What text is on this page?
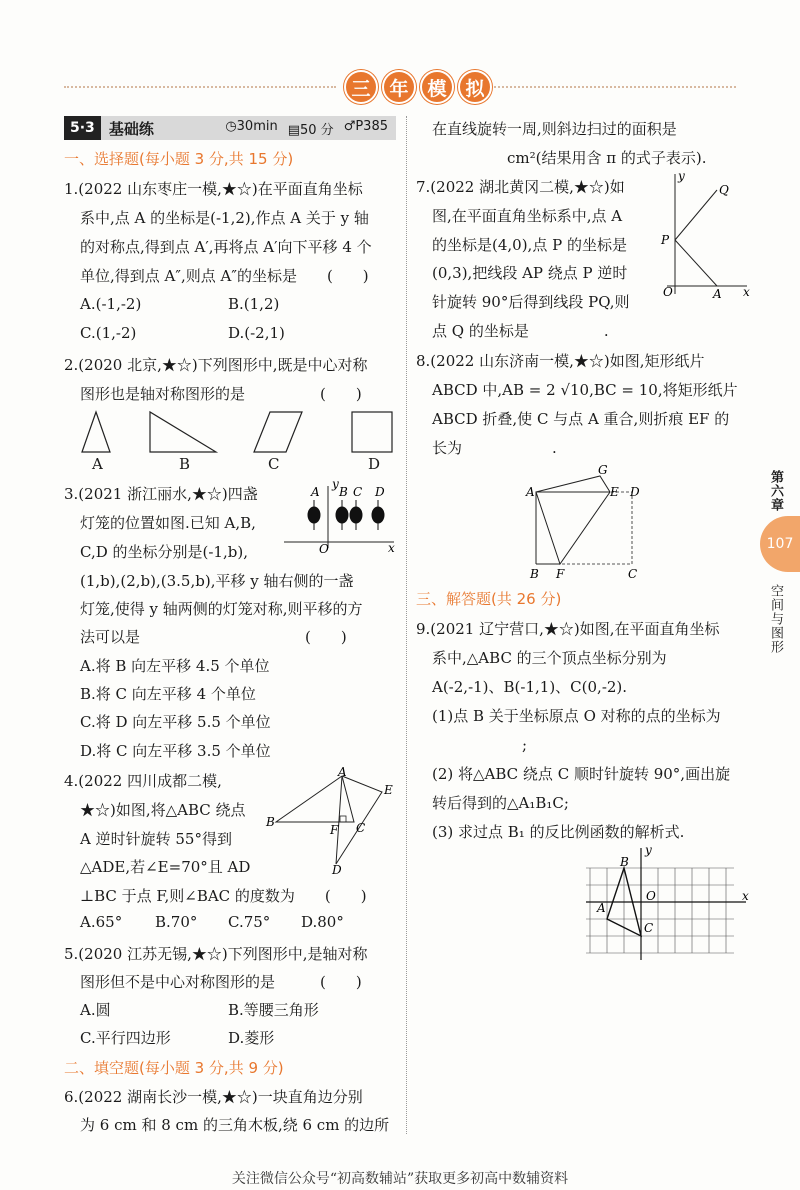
三 年 模 拟
5·3 基础练	◷30min ▤50 分 ♂P385
一、选择题(每小题 3 分,共 15 分)
1.(2022 山东枣庄一模,★☆)在平面直角坐标
系中,点 A 的坐标是(-1,2),作点 A 关于 y 轴
的对称点,得到点 A′,再将点 A′向下平移 4 个
单位,得到点 A″,则点 A″的坐标是　　(　　)
A.(-1,-2)	B.(1,2)
C.(1,-2)	D.(-2,1)
2.(2020 北京,★☆)下列图形中,既是中心对称
图形也是轴对称图形的是　　　　　(　　)
A	B	C	D
3.(2021 浙江丽水,★☆)四盏
灯笼的位置如图.已知 A,B,
C,D 的坐标分别是(-1,b),
(1,b),(2,b),(3.5,b),平移 y 轴右侧的一盏
灯笼,使得 y 轴两侧的灯笼对称,则平移的方
法可以是　　　　　　　　　　　(　　)
A.将 B 向左平移 4.5 个单位
B.将 C 向左平移 4 个单位
C.将 D 向左平移 5.5 个单位
D.将 C 向左平移 3.5 个单位
A B C D
O	x
y
4.(2022 四川成都二模,
★☆)如图,将△ABC 绕点
A 逆时针旋转 55°得到
△ADE,若∠E=70°且 AD
⊥BC 于点 F,则∠BAC 的度数为　　(　　)
A.65° B.70° C.75° D.80°
A
B	C
D
E
F
5.(2020 江苏无锡,★☆)下列图形中,是轴对称
图形但不是中心对称图形的是　　　(　　)
A.圆	B.等腰三角形
C.平行四边形	D.菱形
二、填空题(每小题 3 分,共 9 分)
6.(2022 湖南长沙一模,★☆)一块直角边分别
为 6 cm 和 8 cm 的三角木板,绕 6 cm 的边所
在直线旋转一周,则斜边扫过的面积是
　　　　　cm²(结果用含 π 的式子表示).
7.(2022 湖北黄冈二模,★☆)如
图,在平面直角坐标系中,点 A
的坐标是(4,0),点 P 的坐标是
(0,3),把线段 AP 绕点 P 逆时
针旋转 90°后得到线段 PQ,则
点 Q 的坐标是　　　　　.
Q
P
O	A x
y
8.(2022 山东济南一模,★☆)如图,矩形纸片
ABCD 中,AB = 2 √10,BC = 10,将矩形纸片
ABCD 折叠,使 C 与点 A 重合,则折痕 EF 的
长为　　　　　　.
A
B	C
D
E
F
G
三、解答题(共 26 分)
9.(2021 辽宁营口,★☆)如图,在平面直角坐标
系中,△ABC 的三个顶点坐标分别为
A(-2,-1)、B(-1,1)、C(0,-2).
(1)点 B 关于坐标原点 O 对称的点的坐标为
　　　　　　;
(2) 将△ABC 绕点 C 顺时针旋转 90°,画出旋
转后得到的△A₁B₁C;
(3) 求过点 B₁ 的反比例函数的解析式.
B
A
C
O	x
y
第六章
107
空间与图形
关注微信公众号“初高数辅站”获取更多初高中数辅资料
